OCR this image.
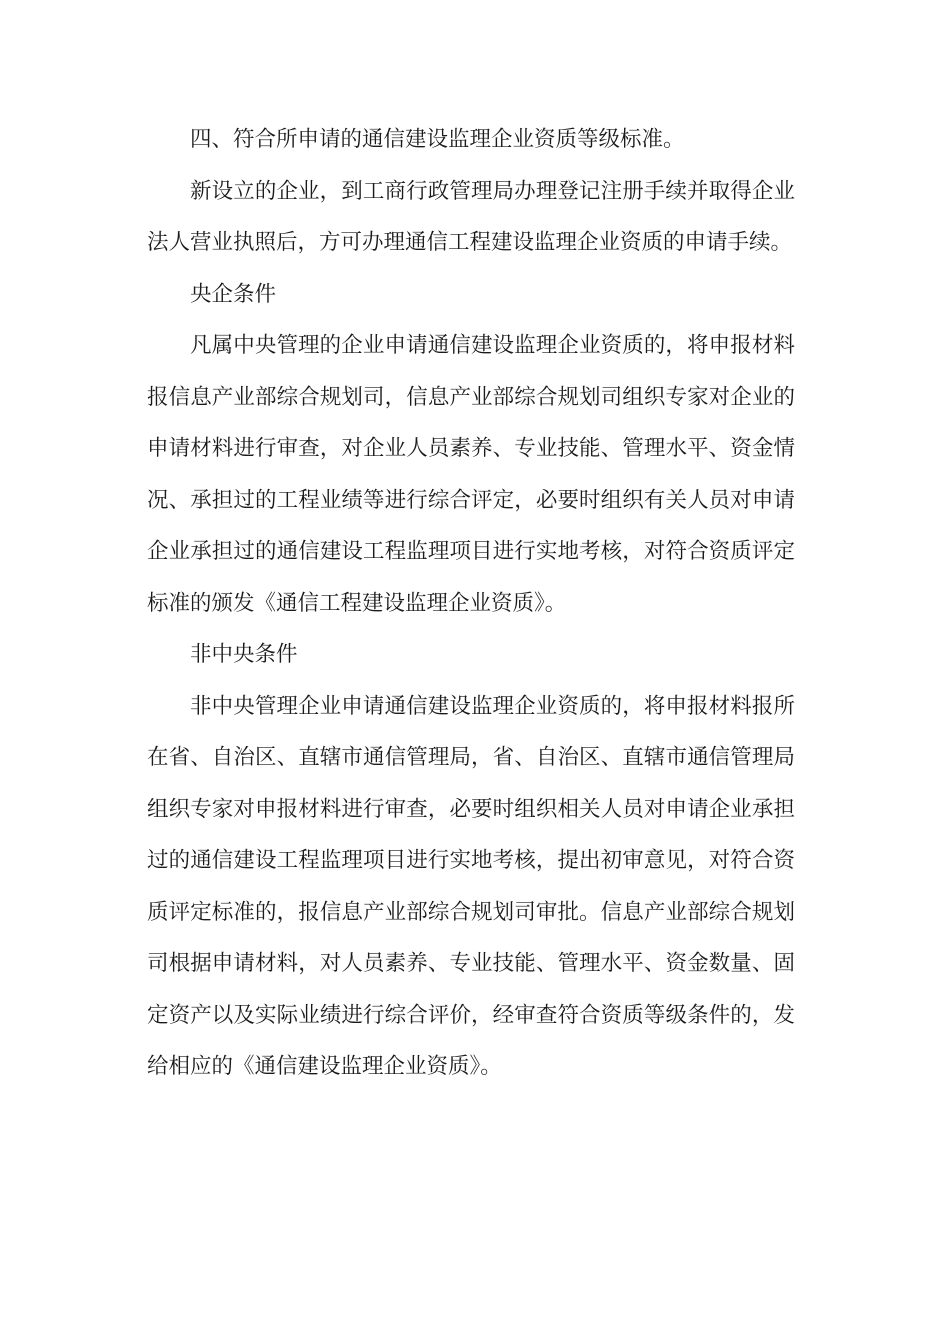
四、符合所申请的通信建设监理企业资质等级标准。

新设立的企业，到工商行政管理局办理登记注册手续并取得企业法人营业执照后，方可办理通信工程建设监理企业资质的申请手续。

央企条件

凡属中央管理的企业申请通信建设监理企业资质的，将申报材料报信息产业部综合规划司，信息产业部综合规划司组织专家对企业的申请材料进行审查，对企业人员素养、专业技能、管理水平、资金情况、承担过的工程业绩等进行综合评定，必要时组织有关人员对申请企业承担过的通信建设工程监理项目进行实地考核，对符合资质评定标准的颁发《通信工程建设监理企业资质》。

非中央条件

非中央管理企业申请通信建设监理企业资质的，将申报材料报所在省、自治区、直辖市通信管理局，省、自治区、直辖市通信管理局组织专家对申报材料进行审查，必要时组织相关人员对申请企业承担过的通信建设工程监理项目进行实地考核，提出初审意见，对符合资质评定标准的，报信息产业部综合规划司审批。信息产业部综合规划司根据申请材料，对人员素养、专业技能、管理水平、资金数量、固定资产以及实际业绩进行综合评价，经审查符合资质等级条件的，发给相应的《通信建设监理企业资质》。
